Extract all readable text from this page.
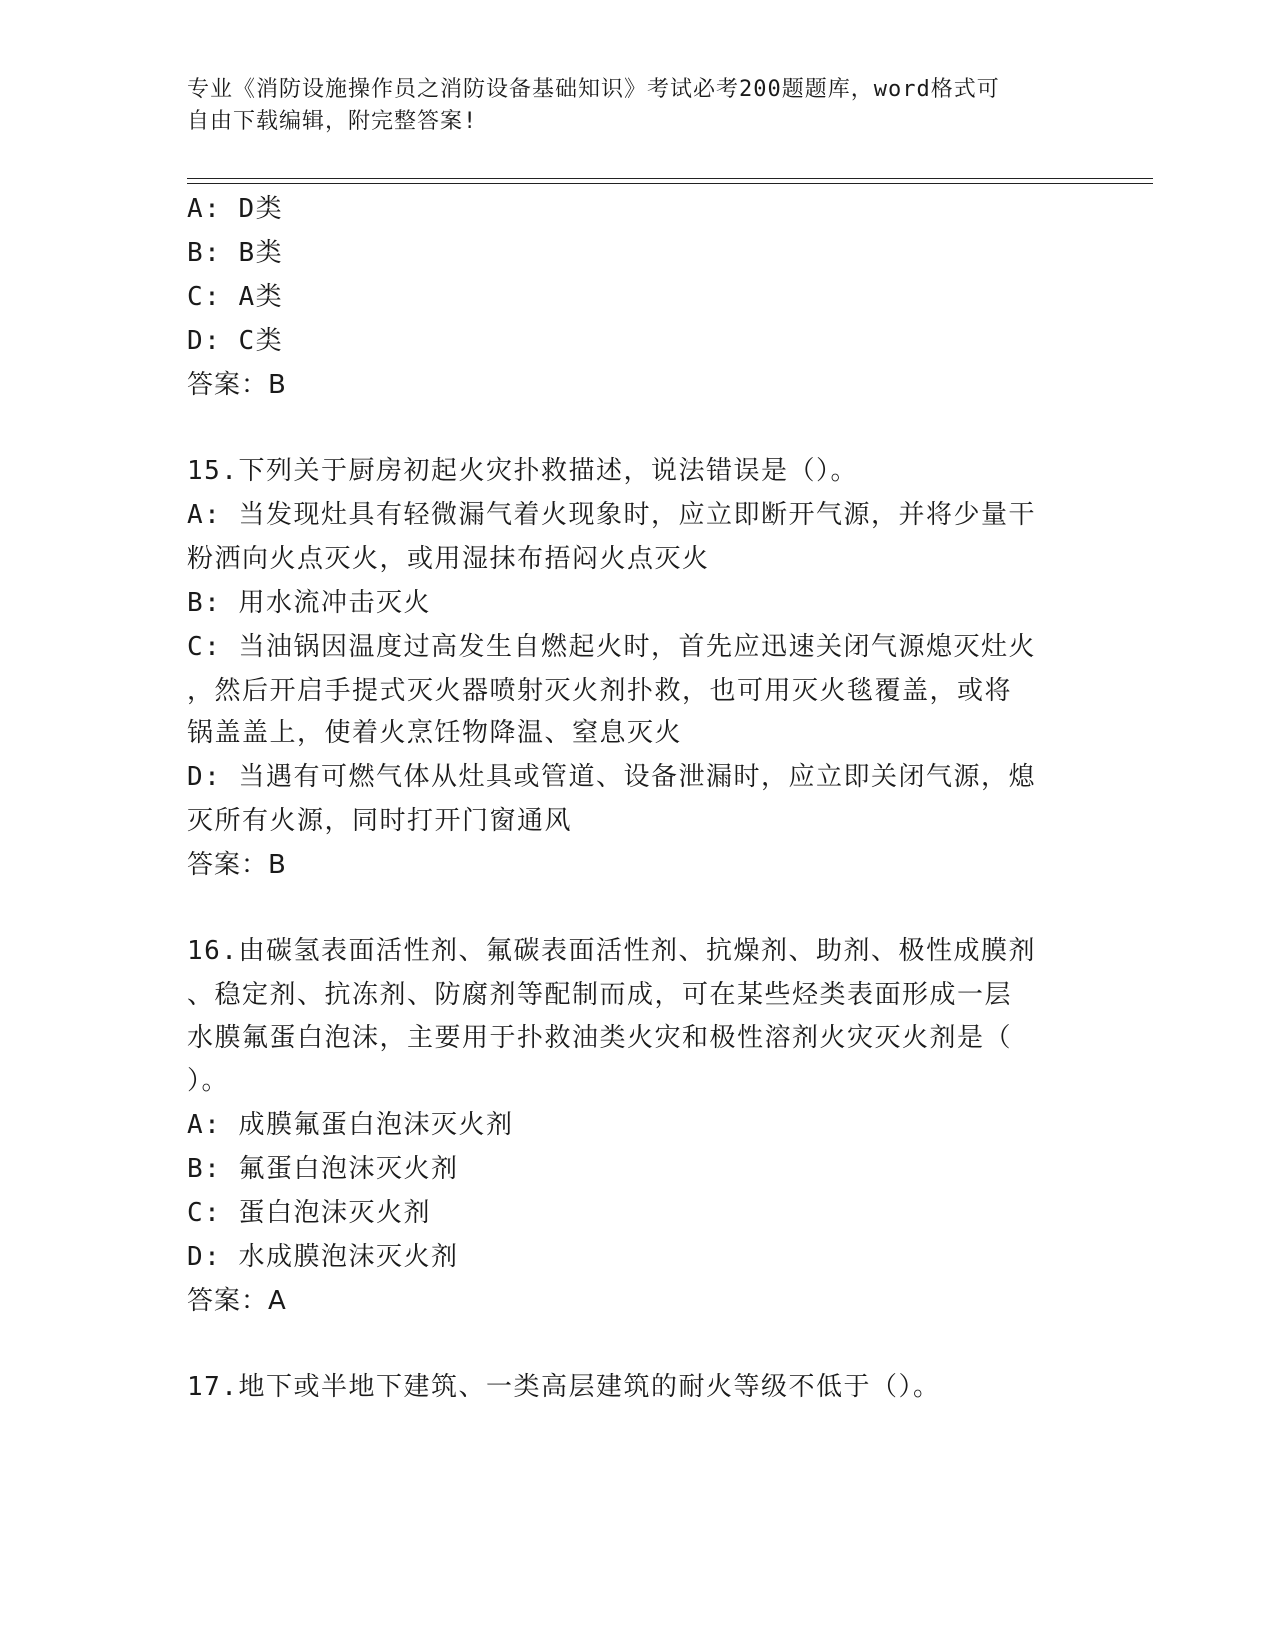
专业《消防设施操作员之消防设备基础知识》考试必考200题题库，word格式可
自由下载编辑，附完整答案!
A: D类
B: B类
C: A类
D: C类
答案：B
15.下列关于厨房初起火灾扑救描述，说法错误是（）。
A: 当发现灶具有轻微漏气着火现象时，应立即断开气源，并将少量干
粉洒向火点灭火，或用湿抹布捂闷火点灭火
B: 用水流冲击灭火
C: 当油锅因温度过高发生自燃起火时，首先应迅速关闭气源熄灭灶火
，然后开启手提式灭火器喷射灭火剂扑救，也可用灭火毯覆盖，或将
锅盖盖上，使着火烹饪物降温、窒息灭火
D: 当遇有可燃气体从灶具或管道、设备泄漏时，应立即关闭气源，熄
灭所有火源，同时打开门窗通风
答案：B
16.由碳氢表面活性剂、氟碳表面活性剂、抗燥剂、助剂、极性成膜剂
、稳定剂、抗冻剂、防腐剂等配制而成，可在某些烃类表面形成一层
水膜氟蛋白泡沫，主要用于扑救油类火灾和极性溶剂火灾灭火剂是（
）。
A: 成膜氟蛋白泡沫灭火剂
B: 氟蛋白泡沫灭火剂
C: 蛋白泡沫灭火剂
D: 水成膜泡沫灭火剂
答案：A
17.地下或半地下建筑、一类高层建筑的耐火等级不低于（）。
